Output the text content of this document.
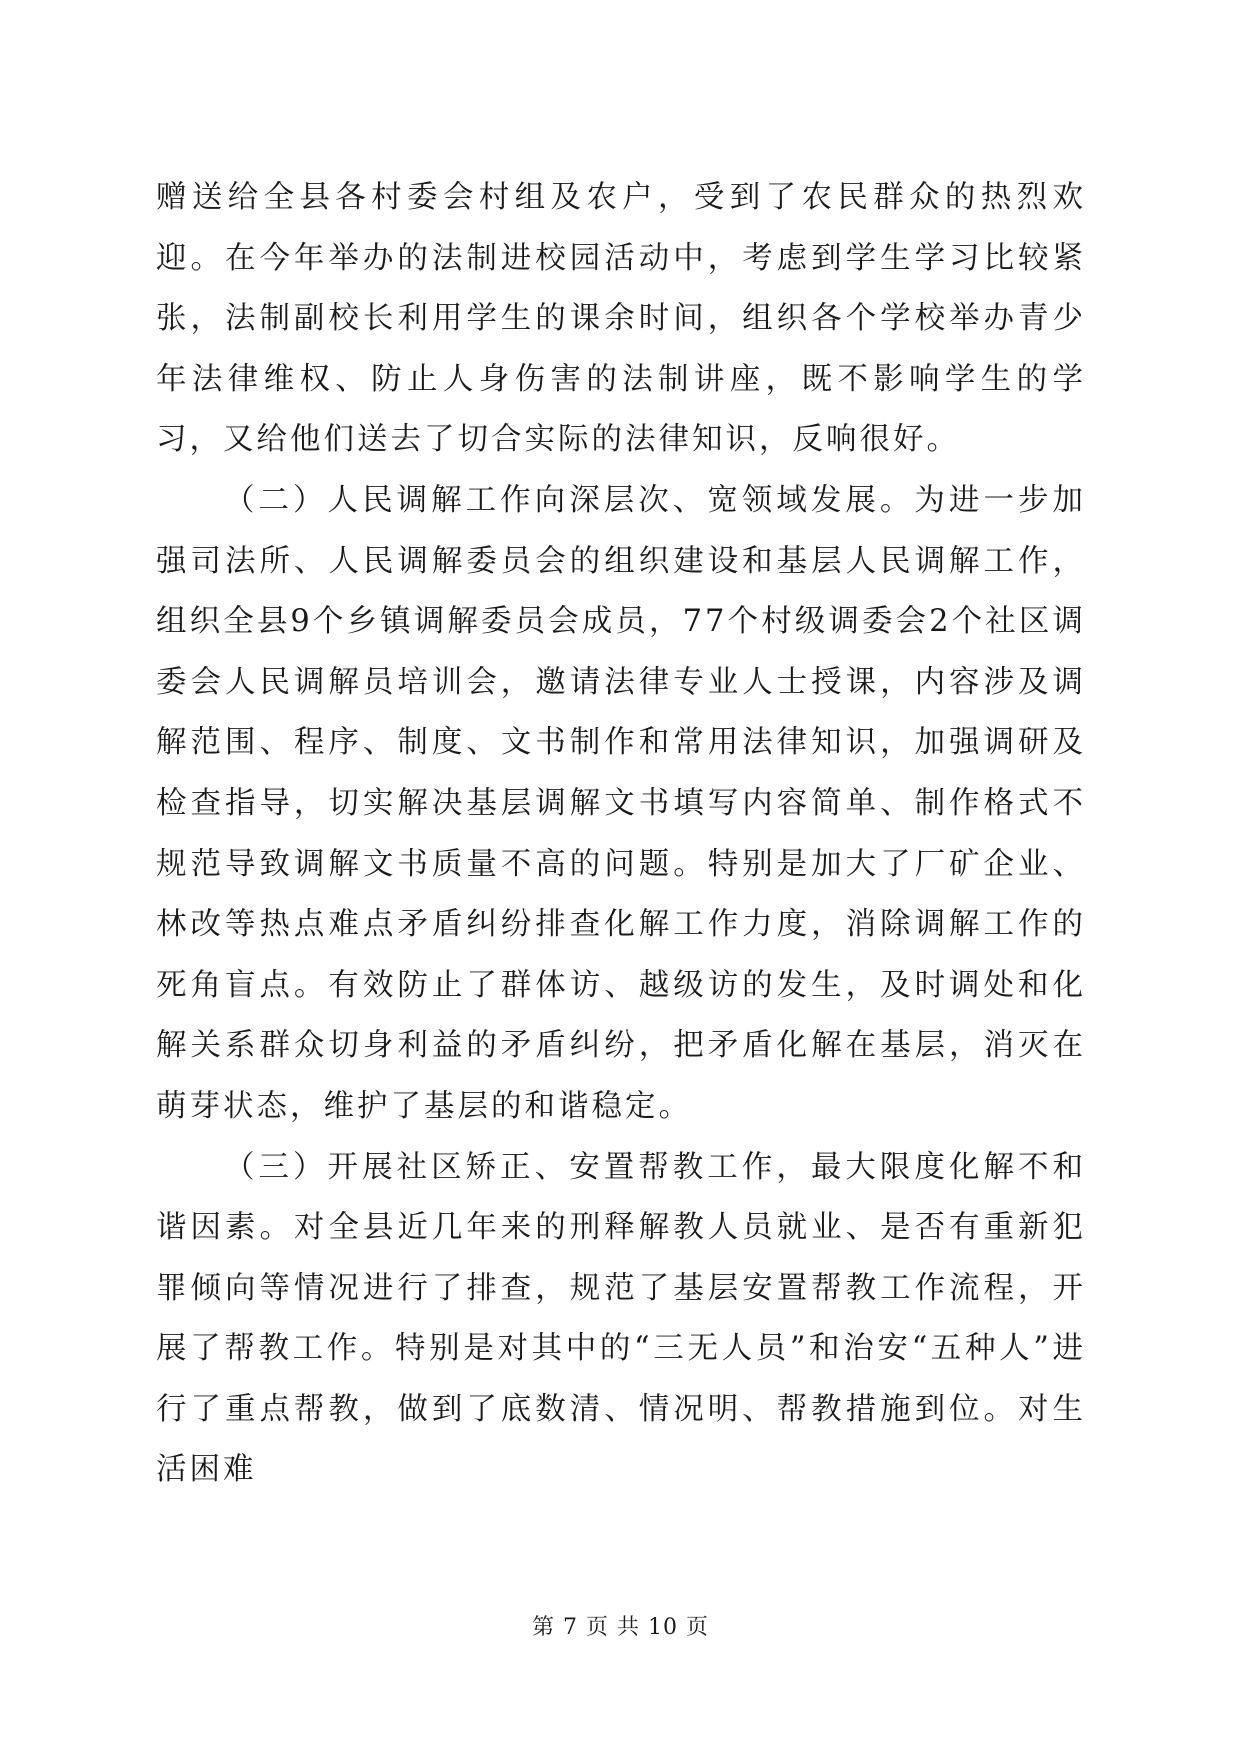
赠送给全县各村委会村组及农户，受到了农民群众的热烈欢迎。在今年举办的法制进校园活动中，考虑到学生学习比较紧张，法制副校长利用学生的课余时间，组织各个学校举办青少年法律维权、防止人身伤害的法制讲座，既不影响学生的学习，又给他们送去了切合实际的法律知识，反响很好。

（二）人民调解工作向深层次、宽领域发展。为进一步加强司法所、人民调解委员会的组织建设和基层人民调解工作，组织全县9个乡镇调解委员会成员，77个村级调委会2个社区调委会人民调解员培训会，邀请法律专业人士授课，内容涉及调解范围、程序、制度、文书制作和常用法律知识，加强调研及检查指导，切实解决基层调解文书填写内容简单、制作格式不规范导致调解文书质量不高的问题。特别是加大了厂矿企业、林改等热点难点矛盾纠纷排查化解工作力度，消除调解工作的死角盲点。有效防止了群体访、越级访的发生，及时调处和化解关系群众切身利益的矛盾纠纷，把矛盾化解在基层，消灭在萌芽状态，维护了基层的和谐稳定。

（三）开展社区矫正、安置帮教工作，最大限度化解不和谐因素。对全县近几年来的刑释解教人员就业、是否有重新犯罪倾向等情况进行了排查，规范了基层安置帮教工作流程，开展了帮教工作。特别是对其中的“三无人员”和治安“五种人”进行了重点帮教，做到了底数清、情况明、帮教措施到位。对生活困难

第 7 页 共 10 页
